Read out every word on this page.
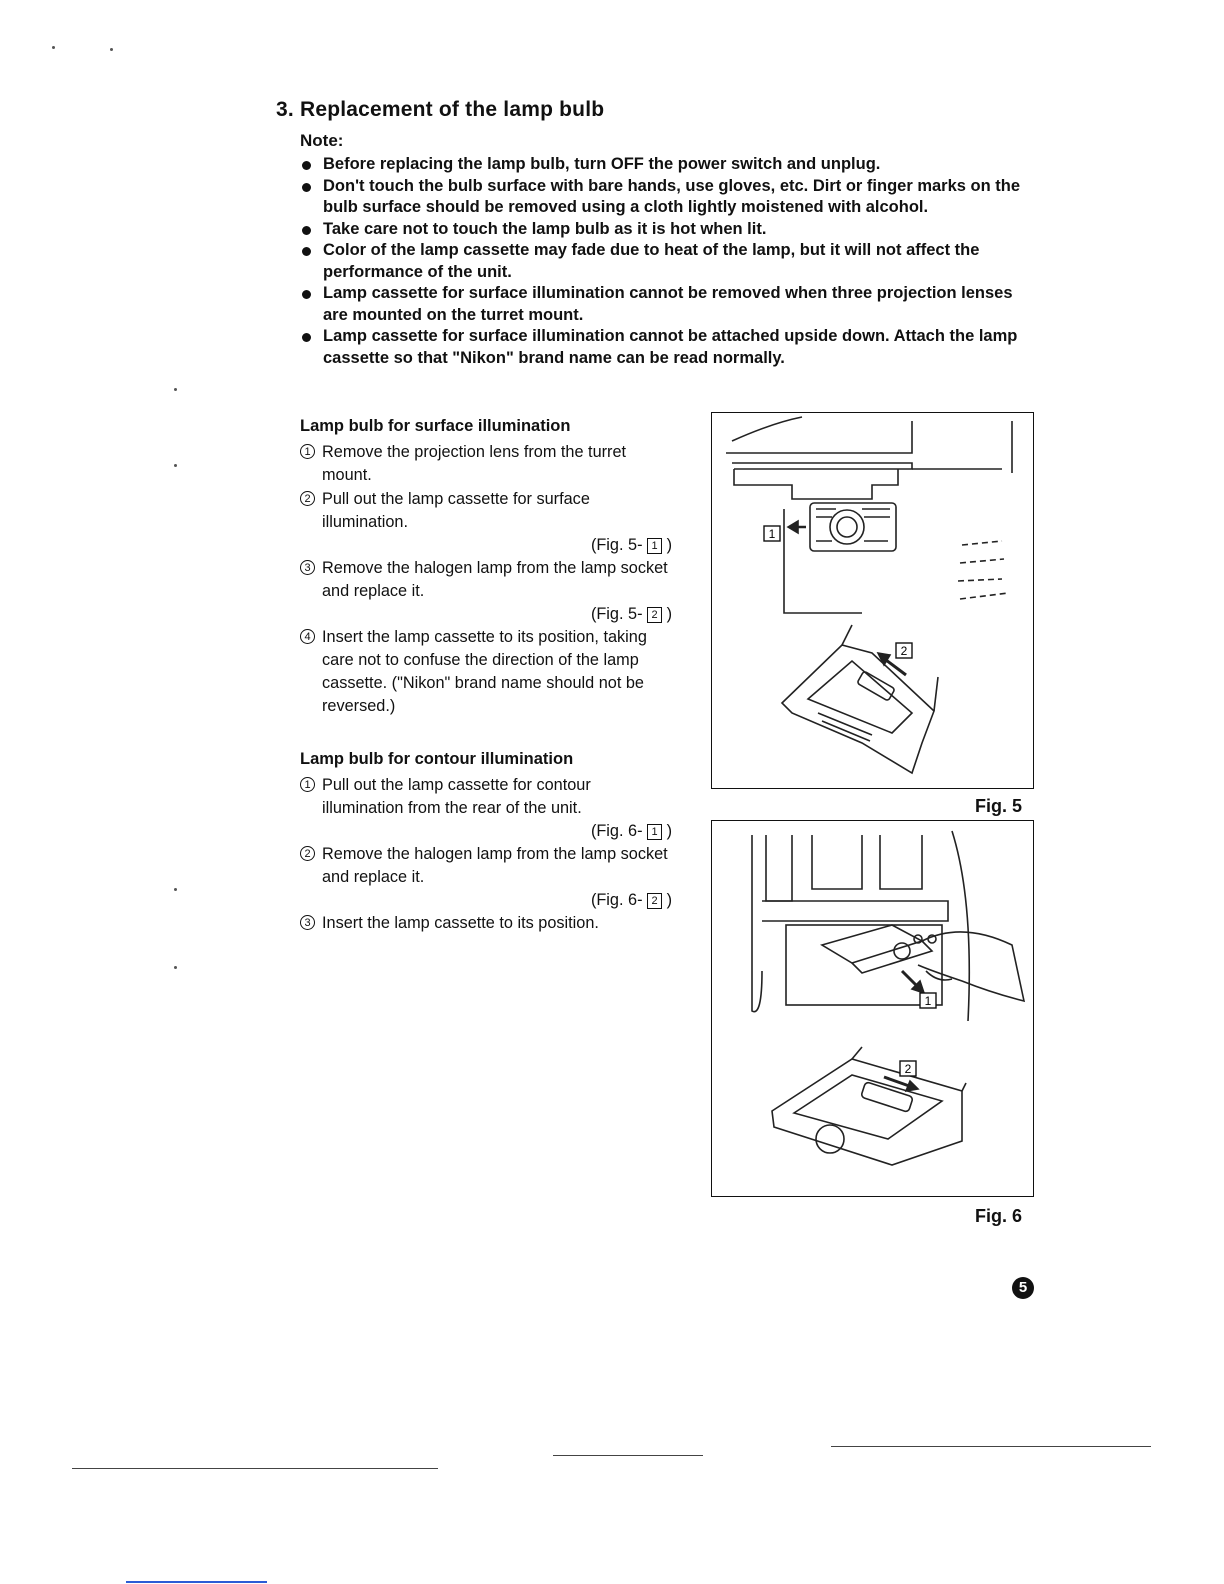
3. Replacement of the lamp bulb
Note:
Before replacing the lamp bulb, turn OFF the power switch and unplug.
Don't touch the bulb surface with bare hands, use gloves, etc. Dirt or finger marks on the bulb surface should be removed using a cloth lightly moistened with alcohol.
Take care not to touch the lamp bulb as it is hot when lit.
Color of the lamp cassette may fade due to heat of the lamp, but it will not affect the performance of the unit.
Lamp cassette for surface illumination cannot be removed when three projection lenses are mounted on the turret mount.
Lamp cassette for surface illumination cannot be attached upside down. Attach the lamp cassette so that "Nikon" brand name can be read normally.
Lamp bulb for surface illumination
1 Remove the projection lens from the turret mount.
2 Pull out the lamp cassette for surface illumination.
(Fig. 5- 1 )
3 Remove the halogen lamp from the lamp socket and replace it.
(Fig. 5- 2 )
4 Insert the lamp cassette to its position, taking care not to confuse the direction of the lamp cassette. ("Nikon" brand name should not be reversed.)
Lamp bulb for contour illumination
1 Pull out the lamp cassette for contour illumination from the rear of the unit.
(Fig. 6- 1 )
2 Remove the halogen lamp from the lamp socket and replace it.
(Fig. 6- 2 )
3 Insert the lamp cassette to its position.
1
2
Fig. 5
1
2
Fig. 6
5
